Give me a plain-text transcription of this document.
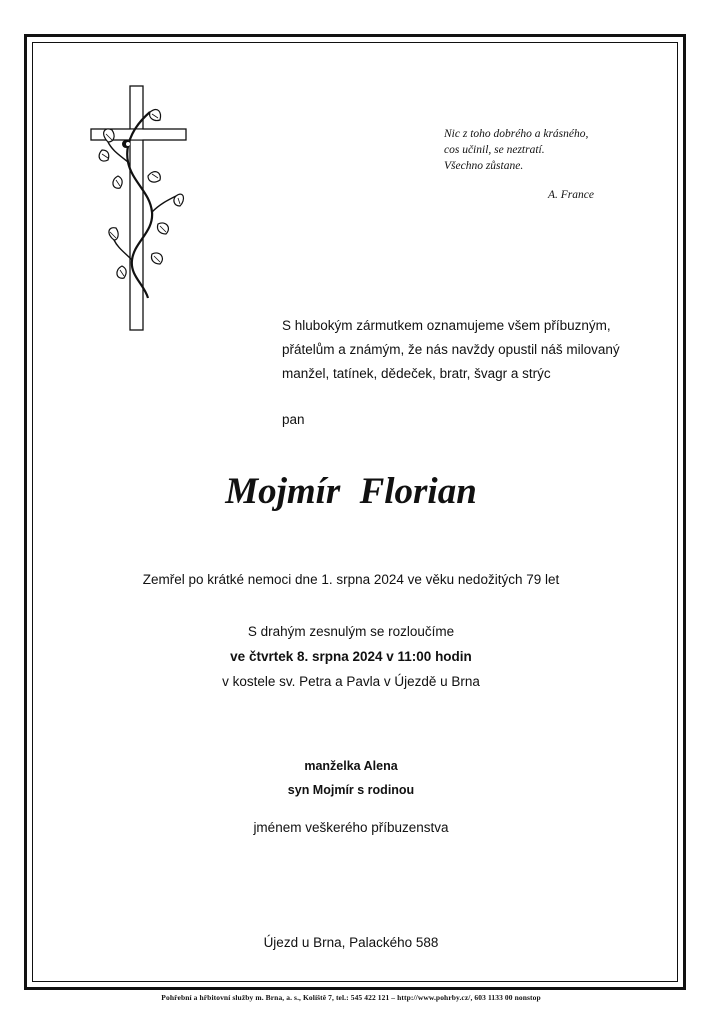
Nic z toho dobrého a krásného,
cos učinil, se neztratí.
Všechno zůstane.
A. France
S hlubokým zármutkem oznamujeme všem příbuzným,
přátelům a známým, že nás navždy opustil náš milovaný
manžel, tatínek, dědeček, bratr, švagr a strýc
pan
Mojmír Florian
Zemřel po krátké nemoci dne 1. srpna 2024 ve věku nedožitých 79 let
S drahým zesnulým se rozloučíme
ve čtvrtek 8. srpna 2024 v 11:00 hodin
v kostele sv. Petra a Pavla v Újezdě u Brna
manželka Alena
syn Mojmír s rodinou
jménem veškerého příbuzenstva
Újezd u Brna, Palackého 588
Pohřební a hřbitovní služby m. Brna, a. s., Kolíště 7, tel.: 545 422 121 – http://www.pohrby.cz/, 603 1133 00 nonstop
